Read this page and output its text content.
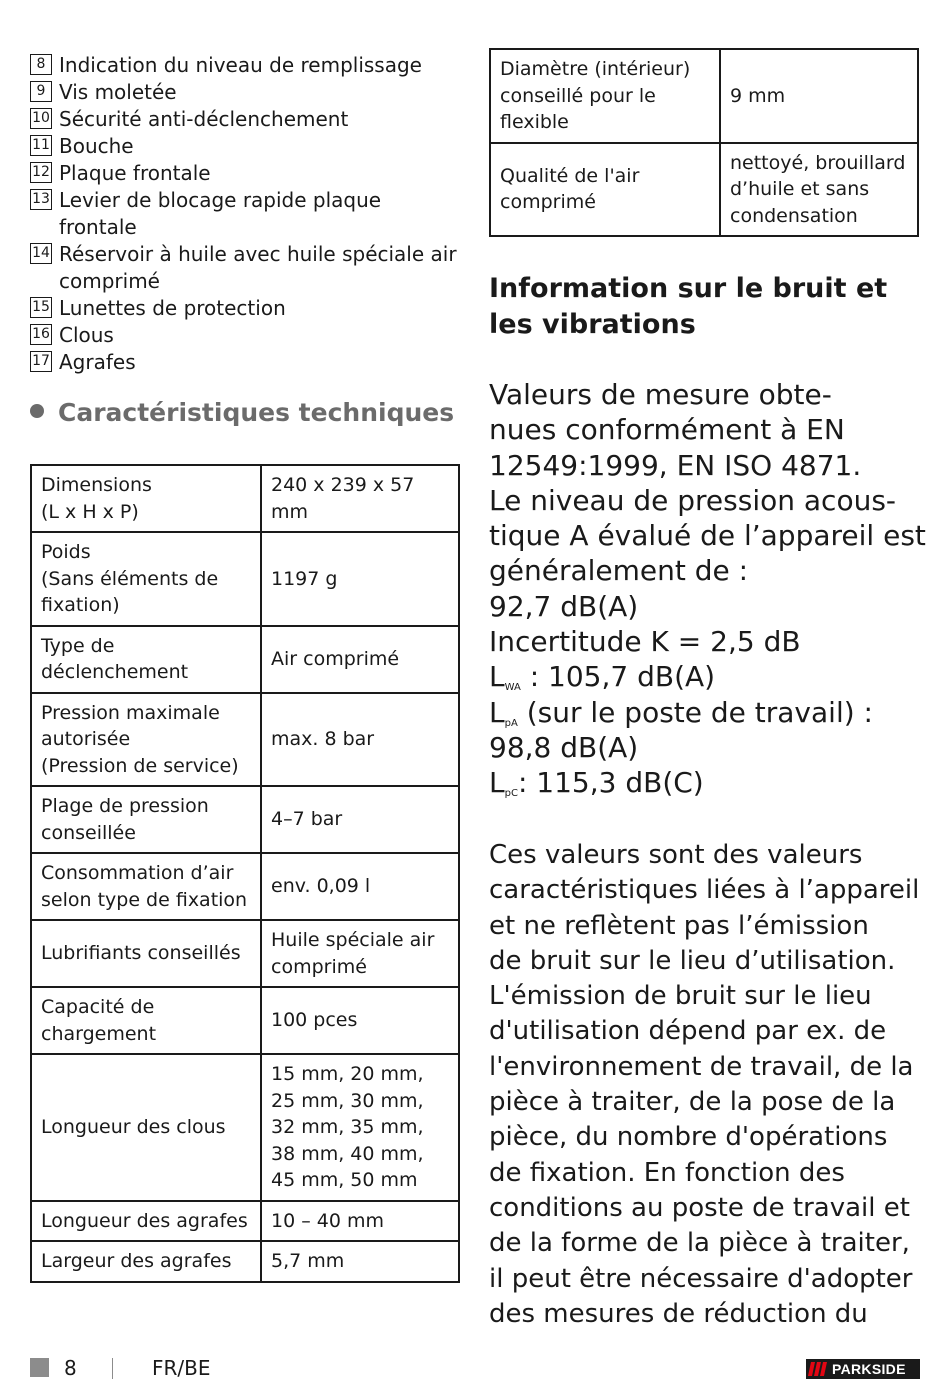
8 Indication du niveau de remplissage
9 Vis moletée
10 Sécurité anti-déclenchement
11 Bouche
12 Plaque frontale
13 Levier de blocage rapide plaque frontale
14 Réservoir à huile avec huile spéciale air comprimé
15 Lunettes de protection
16 Clous
17 Agrafes
Caractéristiques techniques
Dimensions
(L x H x P)	240 x 239 x 57 mm

Poids
(Sans éléments de
fixation)	1197 g

Type de
déclenchement	Air comprimé

Pression maximale
autorisée
(Pression de service)	max. 8 bar

Plage de pression
conseillée	4–7 bar

Consommation d’air
selon type de fixation	env. 0,09 l

Lubrifiants conseillés	Huile spéciale air
comprimé

Capacité de
chargement	100 pces

Longueur des clous	15 mm, 20 mm,
25 mm, 30 mm,
32 mm, 35 mm,
38 mm, 40 mm,
45 mm, 50 mm

Longueur des agrafes	10 – 40 mm

Largeur des agrafes	5,7 mm
Diamètre (intérieur)
conseillé pour le
flexible	9 mm

Qualité de l'air
comprimé	nettoyé, brouillard
d’huile et sans
condensation
Information sur le bruit et
les vibrations
Valeurs de mesure obte-
nues conformément à EN
12549:1999, EN ISO 4871.
Le niveau de pression acous-
tique A évalué de l’appareil est
généralement de :
92,7 dB(A)
Incertitude K = 2,5 dB
$L_{WA}$ : 105,7 dB(A)
$L_{pA}$ (sur le poste de travail) :
98,8 dB(A)
$L_{pC}$: 115,3 dB(C)
Ces valeurs sont des valeurs
caractéristiques liées à l’appareil
et ne reflètent pas l’émission
de bruit sur le lieu d’utilisation.
L'émission de bruit sur le lieu
d'utilisation dépend par ex. de
l'environnement de travail, de la
pièce à traiter, de la pose de la
pièce, du nombre d'opérations
de fixation. En fonction des
conditions au poste de travail et
de la forme de la pièce à traiter,
il peut être nécessaire d'adopter
des mesures de réduction du
8	FR/BE	PARKSIDE
